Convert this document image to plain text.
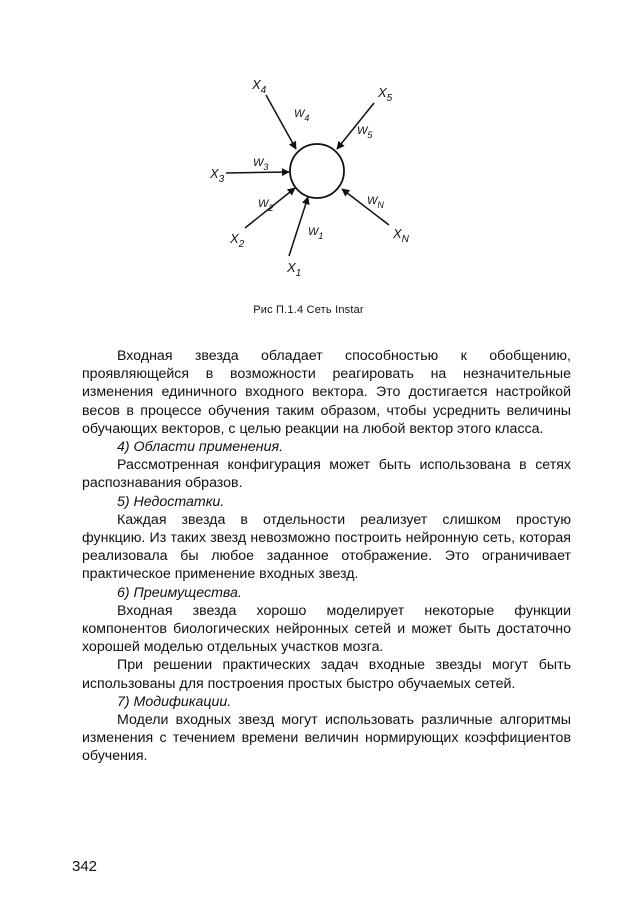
$X_4$	$X_5$
$X_3$
$X_2$
$X_1$
$X_N$
$W_4$
$W_5$
$W_3$
$W_2$
$W_1$
$W_N$
Рис П.1.4 Сеть Instar

Входная звезда обладает способностью к обобщению, проявляющейся в возможности реагировать на незначительные изменения единичного входного вектора. Это достигается настройкой весов в процессе обучения таким образом, чтобы усреднить величины обучающих векторов, с целью реакции на любой вектор этого класса.

4) Области применения.

Рассмотренная конфигурация может быть использована в сетях распознавания образов.

5) Недостатки.

Каждая звезда в отдельности реализует слишком простую функцию. Из таких звезд невозможно построить нейронную сеть, которая реализовала бы любое заданное отображение. Это ограничивает практическое применение входных звезд.

6) Преимущества.

Входная звезда хорошо моделирует некоторые функции компонентов биологических нейронных сетей и может быть достаточно хорошей моделью отдельных участков мозга.

При решении практических задач входные звезды могут быть использованы для построения простых быстро обучаемых сетей.

7) Модификации.

Модели входных звезд могут использовать различные алгоритмы изменения с течением времени величин нормирующих коэффициентов обучения.

342
